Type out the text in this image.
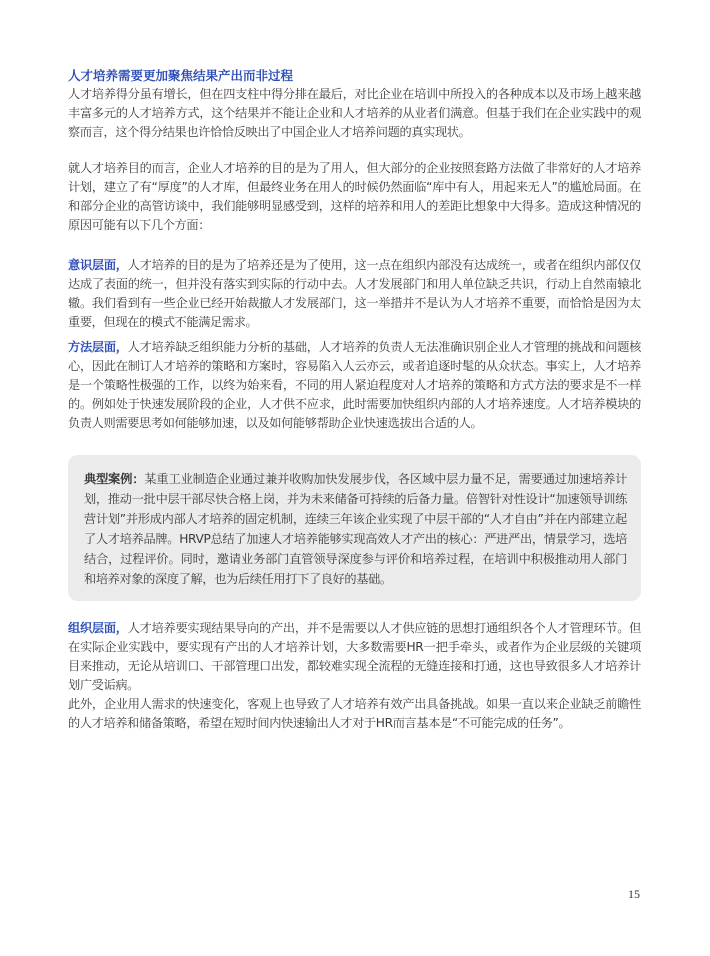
人才培养需要更加聚焦结果产出而非过程

人才培养得分虽有增长，但在四支柱中得分排在最后，对比企业在培训中所投入的各种成本以及市场上越来越丰富多元的人才培养方式，这个结果并不能让企业和人才培养的从业者们满意。但基于我们在企业实践中的观察而言，这个得分结果也许恰恰反映出了中国企业人才培养问题的真实现状。

就人才培养目的而言，企业人才培养的目的是为了用人，但大部分的企业按照套路方法做了非常好的人才培养计划，建立了有“厚度”的人才库，但最终业务在用人的时候仍然面临“库中有人，用起来无人”的尴尬局面。在和部分企业的高管访谈中，我们能够明显感受到，这样的培养和用人的差距比想象中大得多。造成这种情况的原因可能有以下几个方面：

意识层面，人才培养的目的是为了培养还是为了使用，这一点在组织内部没有达成统一，或者在组织内部仅仅达成了表面的统一，但并没有落实到实际的行动中去。人才发展部门和用人单位缺乏共识，行动上自然南辕北辙。我们看到有一些企业已经开始裁撤人才发展部门，这一举措并不是认为人才培养不重要，而恰恰是因为太重要，但现在的模式不能满足需求。

方法层面，人才培养缺乏组织能力分析的基础，人才培养的负责人无法准确识别企业人才管理的挑战和问题核心，因此在制订人才培养的策略和方案时，容易陷入人云亦云，或者追逐时髦的从众状态。事实上，人才培养是一个策略性极强的工作，以终为始来看，不同的用人紧迫程度对人才培养的策略和方式方法的要求是不一样的。例如处于快速发展阶段的企业，人才供不应求，此时需要加快组织内部的人才培养速度。人才培养模块的负责人则需要思考如何能够加速，以及如何能够帮助企业快速选拔出合适的人。

典型案例：某重工业制造企业通过兼并收购加快发展步伐，各区域中层力量不足，需要通过加速培养计划，推动一批中层干部尽快合格上岗，并为未来储备可持续的后备力量。倍智针对性设计“加速领导训练营计划”并形成内部人才培养的固定机制，连续三年该企业实现了中层干部的“人才自由”并在内部建立起了人才培养品牌。HRVP总结了加速人才培养能够实现高效人才产出的核心：严进严出，情景学习，选培结合，过程评价。同时，邀请业务部门直管领导深度参与评价和培养过程，在培训中积极推动用人部门和培养对象的深度了解，也为后续任用打下了良好的基础。

组织层面，人才培养要实现结果导向的产出，并不是需要以人才供应链的思想打通组织各个人才管理环节。但在实际企业实践中，要实现有产出的人才培养计划，大多数需要HR一把手牵头，或者作为企业层级的关键项目来推动，无论从培训口、干部管理口出发，都较难实现全流程的无缝连接和打通，这也导致很多人才培养计划广受诟病。

此外，企业用人需求的快速变化，客观上也导致了人才培养有效产出具备挑战。如果一直以来企业缺乏前瞻性的人才培养和储备策略，希望在短时间内快速输出人才对于HR而言基本是“不可能完成的任务”。

15
